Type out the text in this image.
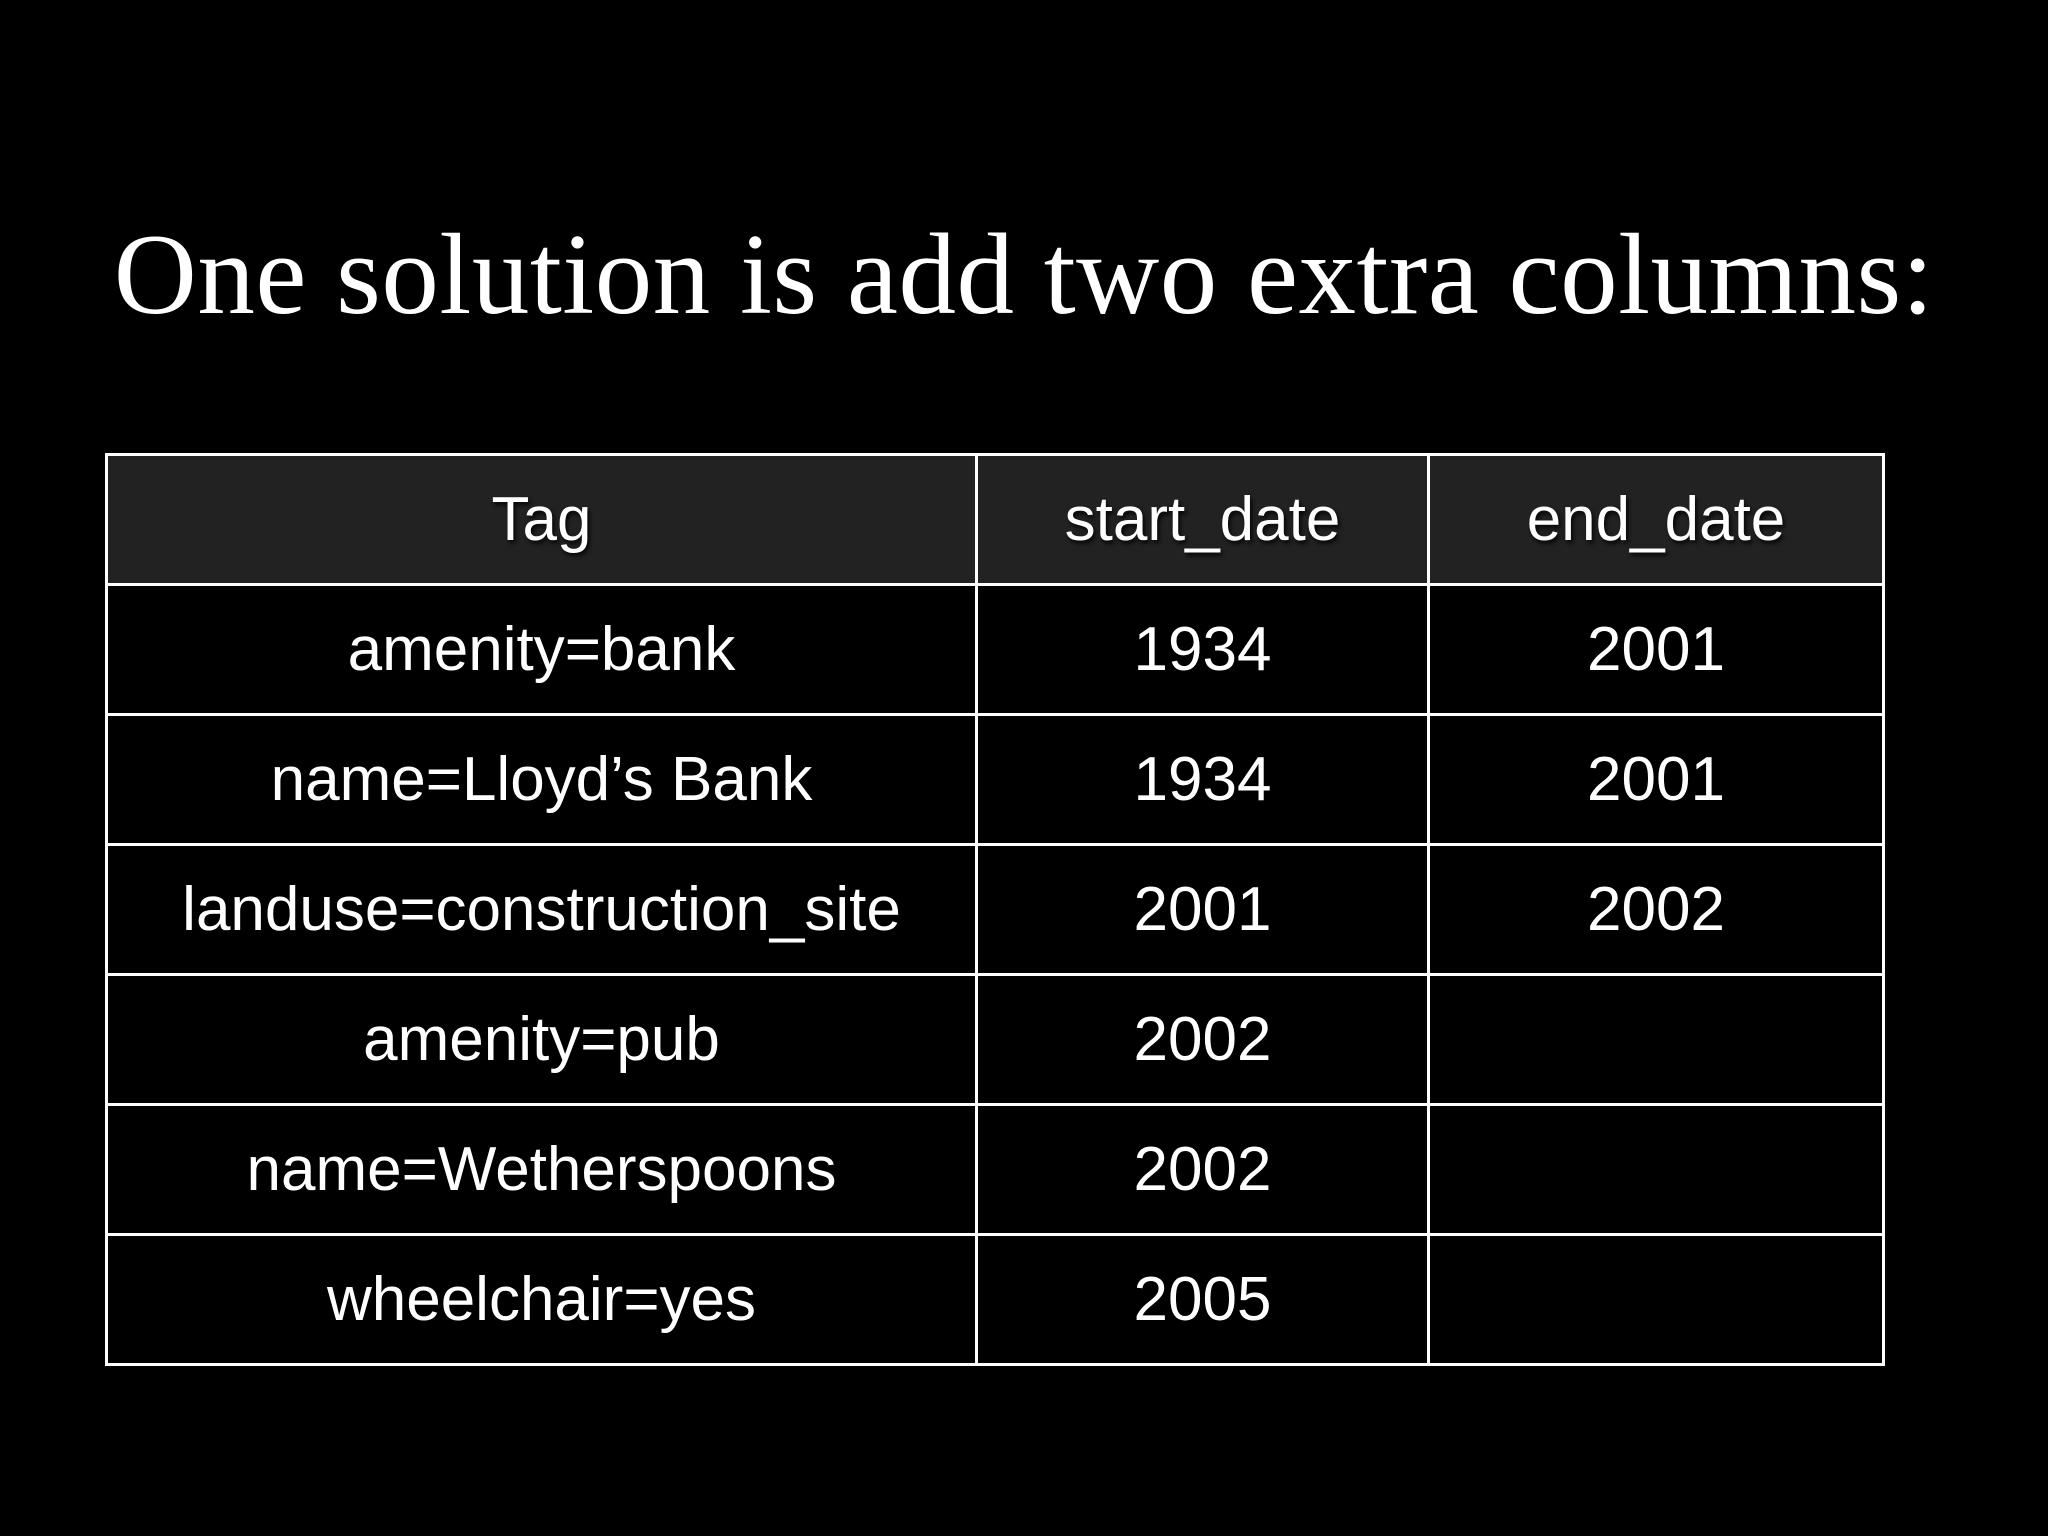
One solution is add two extra columns:
Tag	start_date	end_date
amenity=bank	1934	2001
name=Lloyd’s Bank	1934	2001
landuse=construction_site	2001	2002
amenity=pub	2002	
name=Wetherspoons	2002	
wheelchair=yes	2005	
